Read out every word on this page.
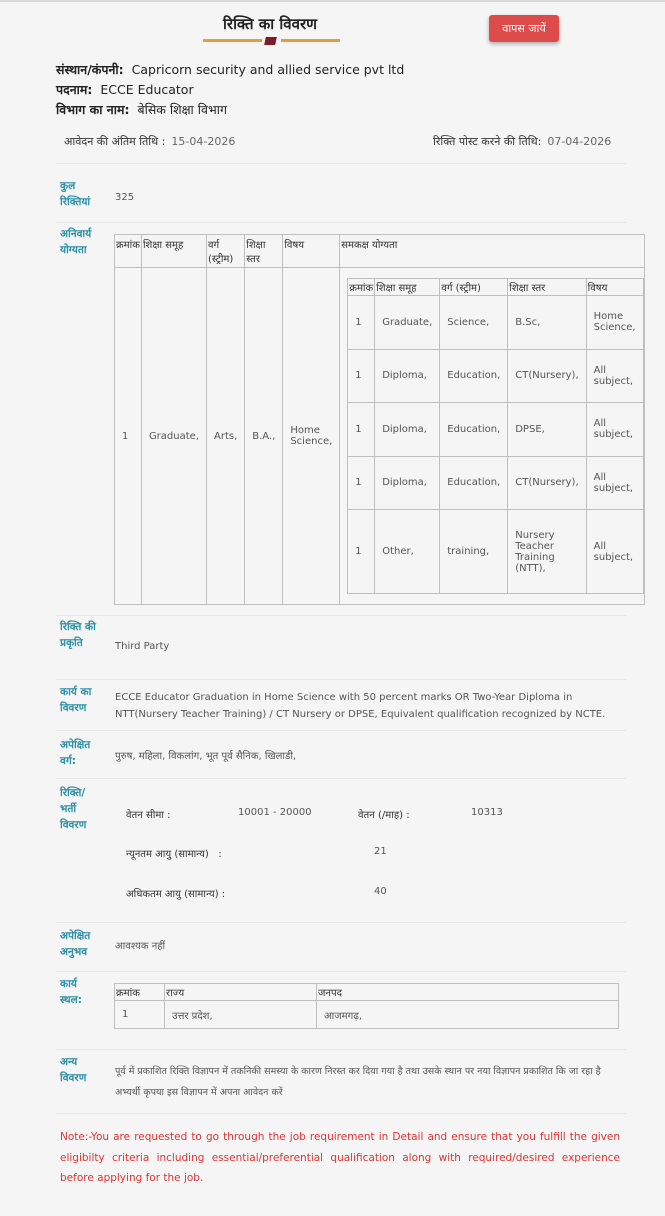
रिक्ति का विवरण	वापस जायें
संस्थान/कंपनी: Capricorn security and allied service pvt ltd
पदनाम: ECCE Educator
विभाग का नाम: बेसिक शिक्षा विभाग
आवेदन की अंतिम तिथि : 15-04-2026	रिक्ति पोस्ट करने की तिथि: 07-04-2026
कुल रिक्तियां	325
अनिवार्य योग्यता	क्रमांक	शिक्षा समूह	वर्ग (स्ट्रीम)	शिक्षा स्तर	विषय	समकक्ष योग्यता
1	Graduate,	Arts,	B.A.,	Home Science,	
क्रमांक	शिक्षा समूह	वर्ग (स्ट्रीम)	शिक्षा स्तर	विषय
1	Graduate,	Science,	B.Sc,	Home Science,
1	Diploma,	Education,	CT(Nursery),	All subject,
1	Diploma,	Education,	DPSE,	All subject,
1	Diploma,	Education,	CT(Nursery),	All subject,
1	Other,	training,	Nursery Teacher Training (NTT),	All subject,
रिक्ति की प्रकृति	Third Party
कार्य का विवरण
ECCE Educator Graduation in Home Science with 50 percent marks OR Two-Year Diploma in NTT(Nursery Teacher Training) / CT Nursery or DPSE, Equivalent qualification recognized by NCTE.
अपेक्षित वर्ग:	पुरुष, महिला, विकलांग, भूत पूर्व सैनिक, खिलाडी,
रिक्ति/ भर्ती विवरण
वेतन सीमा :	10001 - 20000	वेतन (/माह) :	10313
न्यूनतम आयु (सामान्य)   :	21
अधिकतम आयु (सामान्य) :	40
अपेक्षित अनुभव	आवश्यक नहीं
कार्य स्थल:
क्रमांक	राज्य	जनपद
1	उत्तर प्रदेश,	आजमगढ़,
अन्य विवरण
पूर्व में प्रकाशित रिक्ति विज्ञापन में तकनिकी समस्या के कारण निरस्त कर दिया गया है तथा उसके स्थान पर नया विज्ञापन प्रकाशित कि जा रहा है अभ्यर्थी कृपया इस विज्ञापन में अपना आवेदन करें
Note:-You are requested to go through the job requirement in Detail and ensure that you fulfill the given eligibilty criteria including essential/preferential qualification along with required/desired experience before applying for the job.
